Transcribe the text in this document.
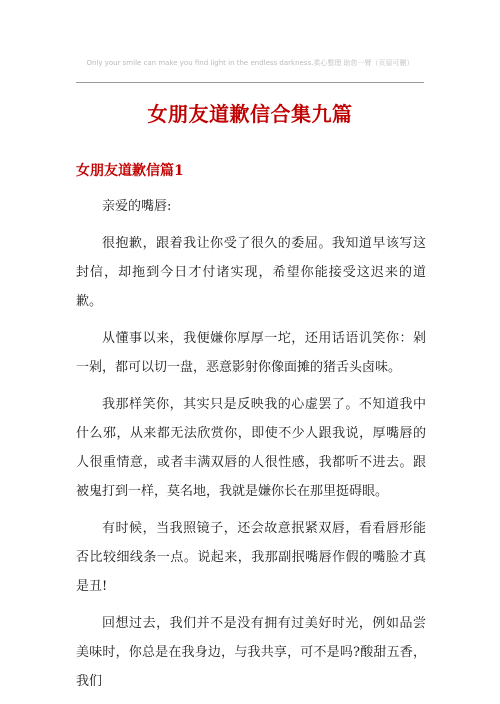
Only your smile can make you find light in the endless darkness.柔心整理 助您一臂（页眉可删）
女朋友道歉信合集九篇
女朋友道歉信篇1

亲爱的嘴唇:

很抱歉，跟着我让你受了很久的委屈。我知道早该写这封信，却拖到今日才付诸实现，希望你能接受这迟来的道歉。

从懂事以来，我便嫌你厚厚一坨，还用话语讥笑你：剁一剁，都可以切一盘，恶意影射你像面摊的猪舌头卤味。

我那样笑你，其实只是反映我的心虚罢了。不知道我中什么邪，从来都无法欣赏你，即使不少人跟我说，厚嘴唇的人很重情意，或者丰满双唇的人很性感，我都听不进去。跟被鬼打到一样，莫名地，我就是嫌你长在那里挺碍眼。

有时候，当我照镜子，还会故意抿紧双唇，看看唇形能否比较细线条一点。说起来，我那副抿嘴唇作假的嘴脸才真是丑!

回想过去，我们并不是没有拥有过美好时光，例如品尝美味时，你总是在我身边，与我共享，可不是吗?酸甜五香，我们
